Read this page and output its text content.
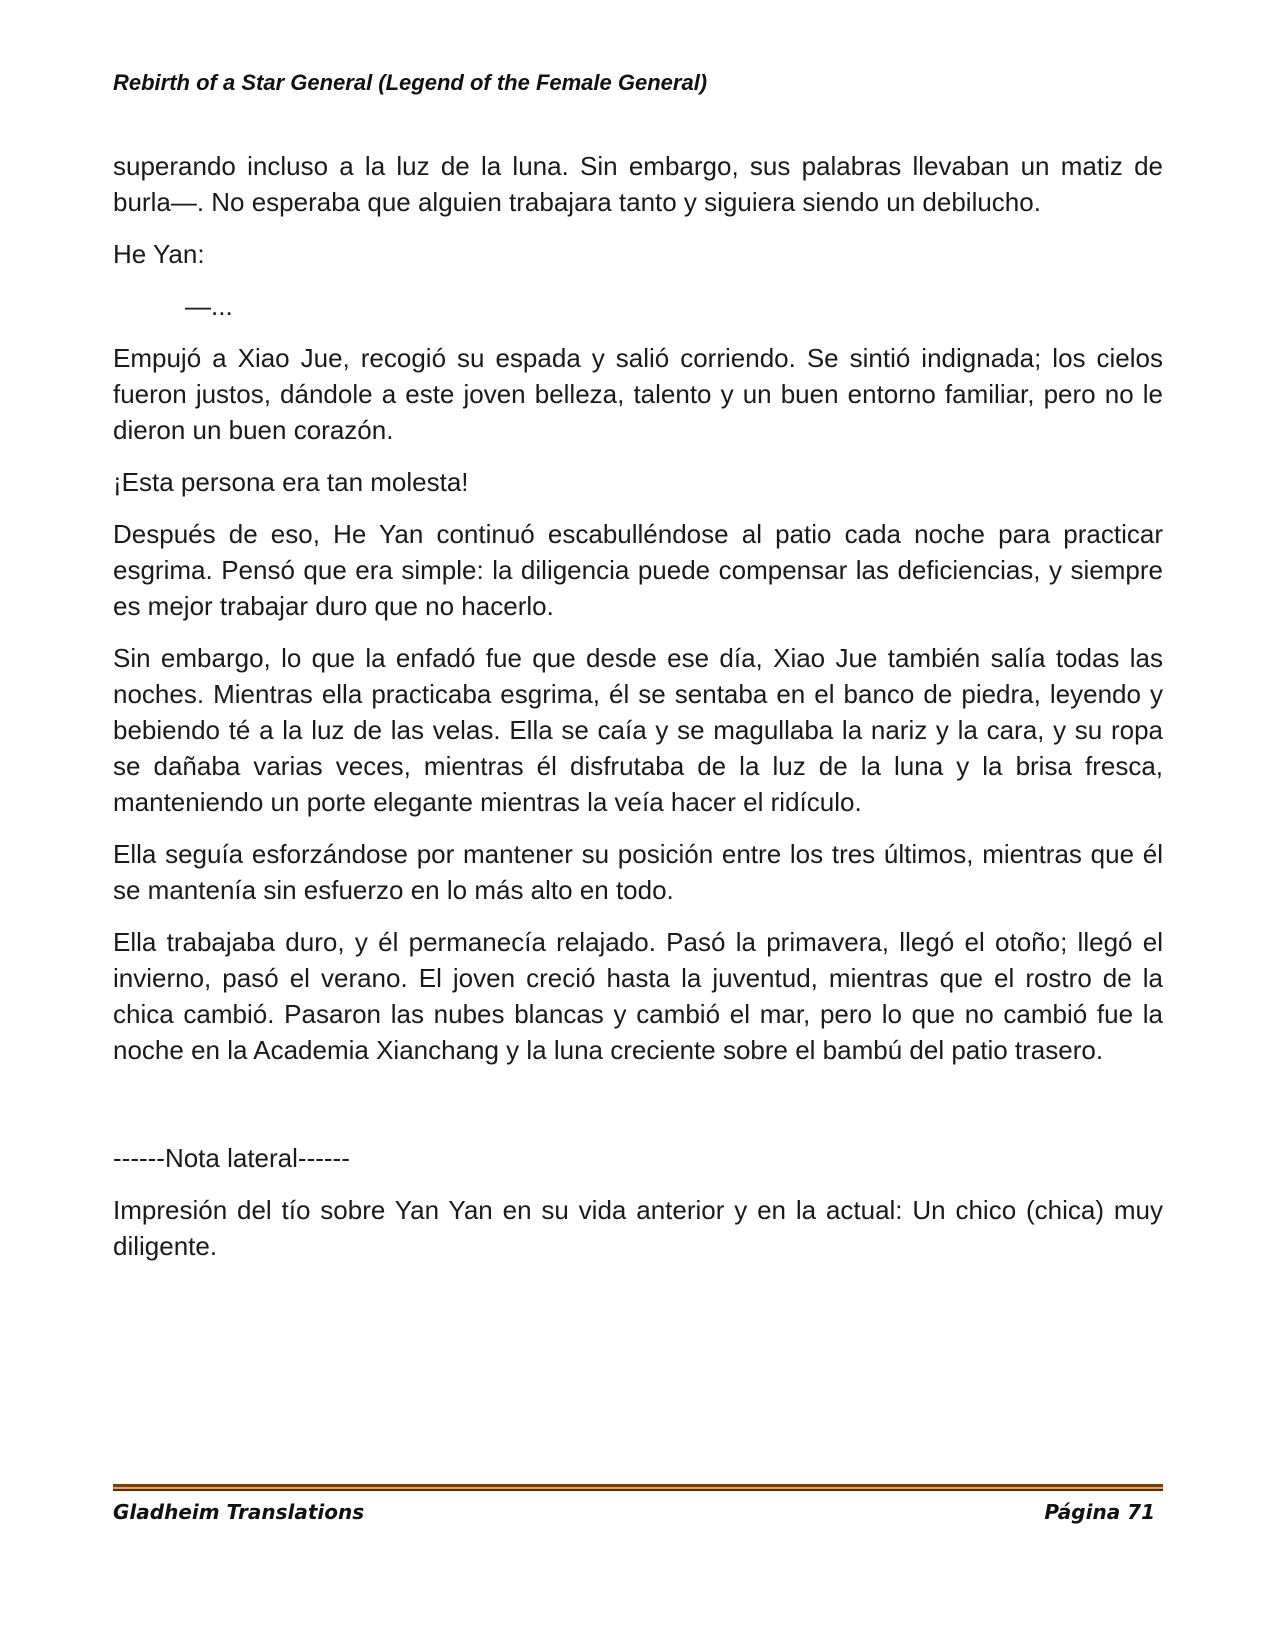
Rebirth of a Star General (Legend of the Female General)

superando incluso a la luz de la luna. Sin embargo, sus palabras llevaban un matiz de burla—. No esperaba que alguien trabajara tanto y siguiera siendo un debilucho.

He Yan:

—...

Empujó a Xiao Jue, recogió su espada y salió corriendo. Se sintió indignada; los cielos fueron justos, dándole a este joven belleza, talento y un buen entorno familiar, pero no le dieron un buen corazón.

¡Esta persona era tan molesta!

Después de eso, He Yan continuó escabulléndose al patio cada noche para practicar esgrima. Pensó que era simple: la diligencia puede compensar las deficiencias, y siempre es mejor trabajar duro que no hacerlo.

Sin embargo, lo que la enfadó fue que desde ese día, Xiao Jue también salía todas las noches. Mientras ella practicaba esgrima, él se sentaba en el banco de piedra, leyendo y bebiendo té a la luz de las velas. Ella se caía y se magullaba la nariz y la cara, y su ropa se dañaba varias veces, mientras él disfrutaba de la luz de la luna y la brisa fresca, manteniendo un porte elegante mientras la veía hacer el ridículo.

Ella seguía esforzándose por mantener su posición entre los tres últimos, mientras que él se mantenía sin esfuerzo en lo más alto en todo.

Ella trabajaba duro, y él permanecía relajado. Pasó la primavera, llegó el otoño; llegó el invierno, pasó el verano. El joven creció hasta la juventud, mientras que el rostro de la chica cambió. Pasaron las nubes blancas y cambió el mar, pero lo que no cambió fue la noche en la Academia Xianchang y la luna creciente sobre el bambú del patio trasero.

------Nota lateral------

Impresión del tío sobre Yan Yan en su vida anterior y en la actual: Un chico (chica) muy diligente.

Gladheim Translations	Página 71
